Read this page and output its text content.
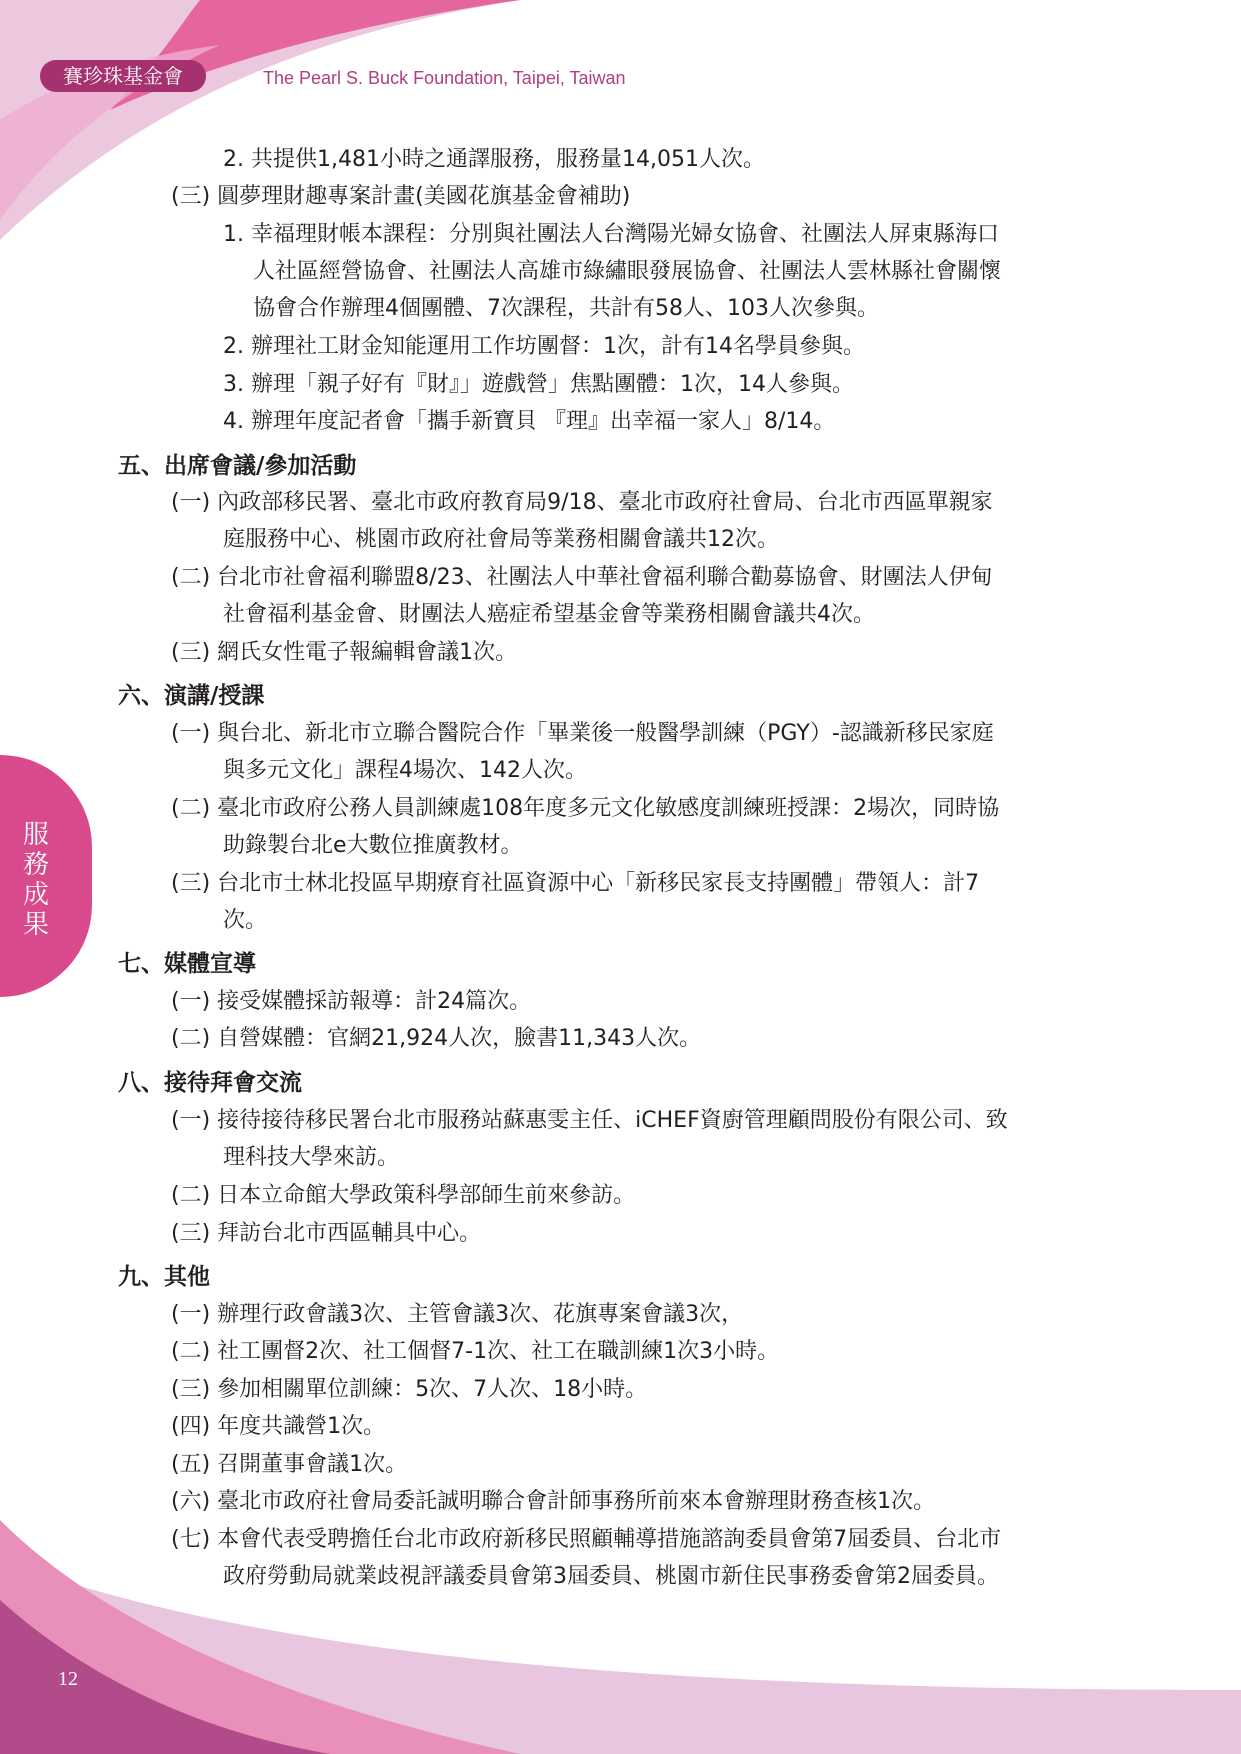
賽珍珠基金會	The Pearl S. Buck Foundation, Taipei, Taiwan
服務成果
12
2. 共提供1,481小時之通譯服務，服務量14,051人次。
(三) 圓夢理財趣專案計畫(美國花旗基金會補助)
1. 幸福理財帳本課程：分別與社團法人台灣陽光婦女協會、社團法人屏東縣海口
人社區經營協會、社團法人高雄市綠繡眼發展協會、社團法人雲林縣社會關懷
協會合作辦理4個團體、7次課程，共計有58人、103人次參與。
2. 辦理社工財金知能運用工作坊團督：1次，計有14名學員參與。
3. 辦理「親子好有『財』」遊戲營」焦點團體：1次，14人參與。
4. 辦理年度記者會「攜手新寶貝 『理』出幸福一家人」8/14。
五、出席會議/參加活動
(一) 內政部移民署、臺北市政府教育局9/18、臺北市政府社會局、台北市西區單親家
庭服務中心、桃園市政府社會局等業務相關會議共12次。
(二) 台北市社會福利聯盟8/23、社團法人中華社會福利聯合勸募協會、財團法人伊甸
社會福利基金會、財團法人癌症希望基金會等業務相關會議共4次。
(三) 網氏女性電子報編輯會議1次。
六、演講/授課
(一) 與台北、新北市立聯合醫院合作「畢業後一般醫學訓練（PGY）-認識新移民家庭
與多元文化」課程4場次、142人次。
(二) 臺北市政府公務人員訓練處108年度多元文化敏感度訓練班授課：2場次，同時協
助錄製台北e大數位推廣教材。
(三) 台北市士林北投區早期療育社區資源中心「新移民家長支持團體」帶領人：計7
次。
七、媒體宣導
(一) 接受媒體採訪報導：計24篇次。
(二) 自營媒體：官網21,924人次，臉書11,343人次。
八、接待拜會交流
(一) 接待接待移民署台北市服務站蘇惠雯主任、iCHEF資廚管理顧問股份有限公司、致
理科技大學來訪。
(二) 日本立命館大學政策科學部師生前來參訪。
(三) 拜訪台北市西區輔具中心。
九、其他
(一) 辦理行政會議3次、主管會議3次、花旗專案會議3次，
(二) 社工團督2次、社工個督7-1次、社工在職訓練1次3小時。
(三) 參加相關單位訓練：5次、7人次、18小時。
(四) 年度共識營1次。
(五) 召開董事會議1次。
(六) 臺北市政府社會局委託誠明聯合會計師事務所前來本會辦理財務查核1次。
(七) 本會代表受聘擔任台北市政府新移民照顧輔導措施諮詢委員會第7屆委員、台北市
政府勞動局就業歧視評議委員會第3屆委員、桃園市新住民事務委會第2屆委員。
